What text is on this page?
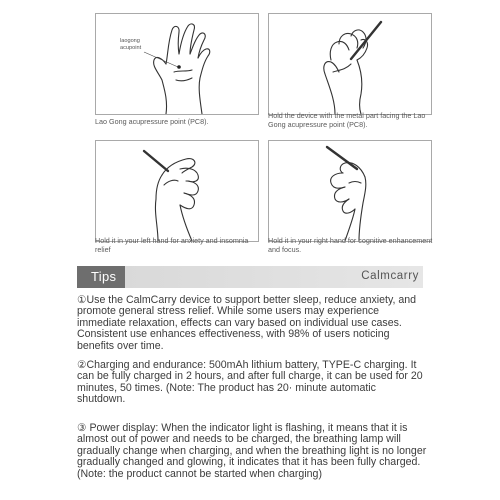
laogong
acupoint
Lao Gong acupressure point (PC8).
Hold the device with the metal part facing the Lao Gong acupressure point (PC8).
Hold it in your left hand for anxiety and insomnia relief
Hold it in your right hand for cognitive enhancement and focus.
Tips	Calmcarry
①Use the CalmCarry device to support better sleep, reduce anxiety, and promote general stress relief. While some users may experience immediate relaxation, effects can vary based on individual use cases. Consistent use enhances effectiveness, with 98% of users noticing benefits over time.
②Charging and endurance: 500mAh lithium battery, TYPE-C charging. It can be fully charged in 2 hours, and after full charge, it can be used for 20 minutes, 50 times. (Note: The product has 20· minute automatic shutdown.
③ Power display: When the indicator light is flashing, it means that it is almost out of power and needs to be charged, the breathing lamp will gradually change when charging, and when the breathing light is no longer gradually changed and glowing, it indicates that it has been fully charged. (Note: the product cannot be started when charging)
